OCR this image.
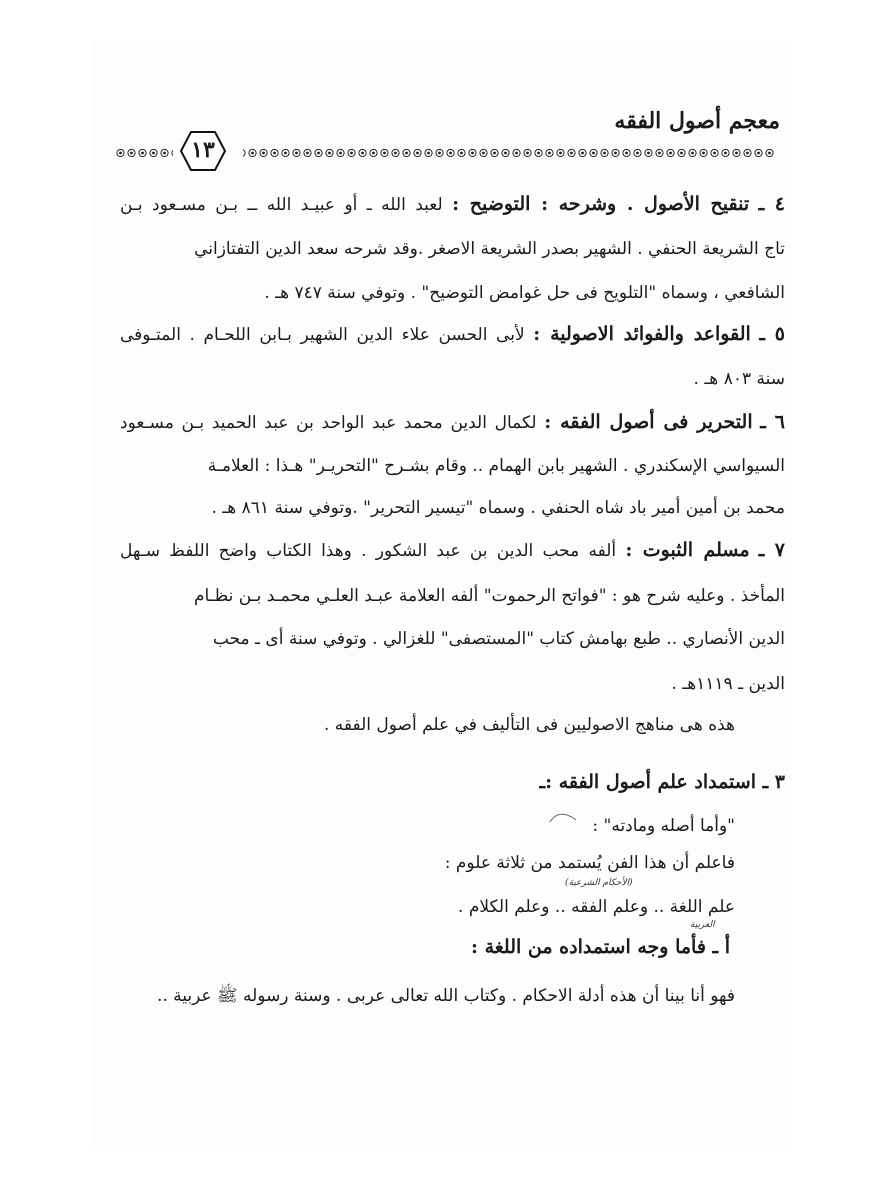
معجم أصول الفقه
١٣
٤ ـ تنقيح الأصول . وشرحه : التوضيح : لعبد الله ـ أو عبيـد الله ــ بـن مسـعود بـن
تاج الشريعة الحنفي . الشهير بصدر الشريعة الاصغر .وقد شرحه سعد الدين التفتازاني
الشافعي ، وسماه "التلويح فى حل غوامض التوضيح" . وتوفي سنة ٧٤٧ هـ .
٥ ـ القواعد والفوائد الاصولية : لأبى الحسن علاء الدين الشهير بـابن اللحـام . المتـوفى
سنة ٨٠٣ هـ .
٦ ـ التحرير فى أصول الفقه : لكمال الدين محمد عبد الواحد بن عبد الحميد بـن مسـعود
السيواسي الإسكندري . الشهير بابن الهمام .. وقام بشـرح "التحريـر" هـذا : العلامـة
محمد بن أمين أمير باد شاه الحنفي . وسماه "تيسير التحرير" .وتوفي سنة ٨٦١ هـ .
٧ ـ مسلم الثبوت : ألفه محب الدين بن عبد الشكور . وهذا الكتاب واضح اللفظ سـهل
المأخذ . وعليه شرح هو : "فواتح الرحموت" ألفه العلامة عبـد العلـي محمـد بـن نظـام
الدين الأنصاري .. طبع بهامش كتاب "المستصفى" للغزالي . وتوفي سنة أى ـ محب
الدين ـ ١١١٩هـ .
هذه هى مناهج الاصوليين فى التأليف في علم أصول الفقه .
٣ ـ استمداد علم أصول الفقه :ـ
"وأما أصله ومادته" :
فاعلم أن هذا الفن يُستمد من ثلاثة علوم :
(الأحكام الشرعية)
علم اللغة .. وعلم الفقه .. وعلم الكلام .
العربية
أ ـ فأما وجه استمداده من اللغة :
فهو أنا بينا أن هذه أدلة الاحكام . وكتاب الله تعالى عربى . وسنة رسوله ﷺ عربية ..
